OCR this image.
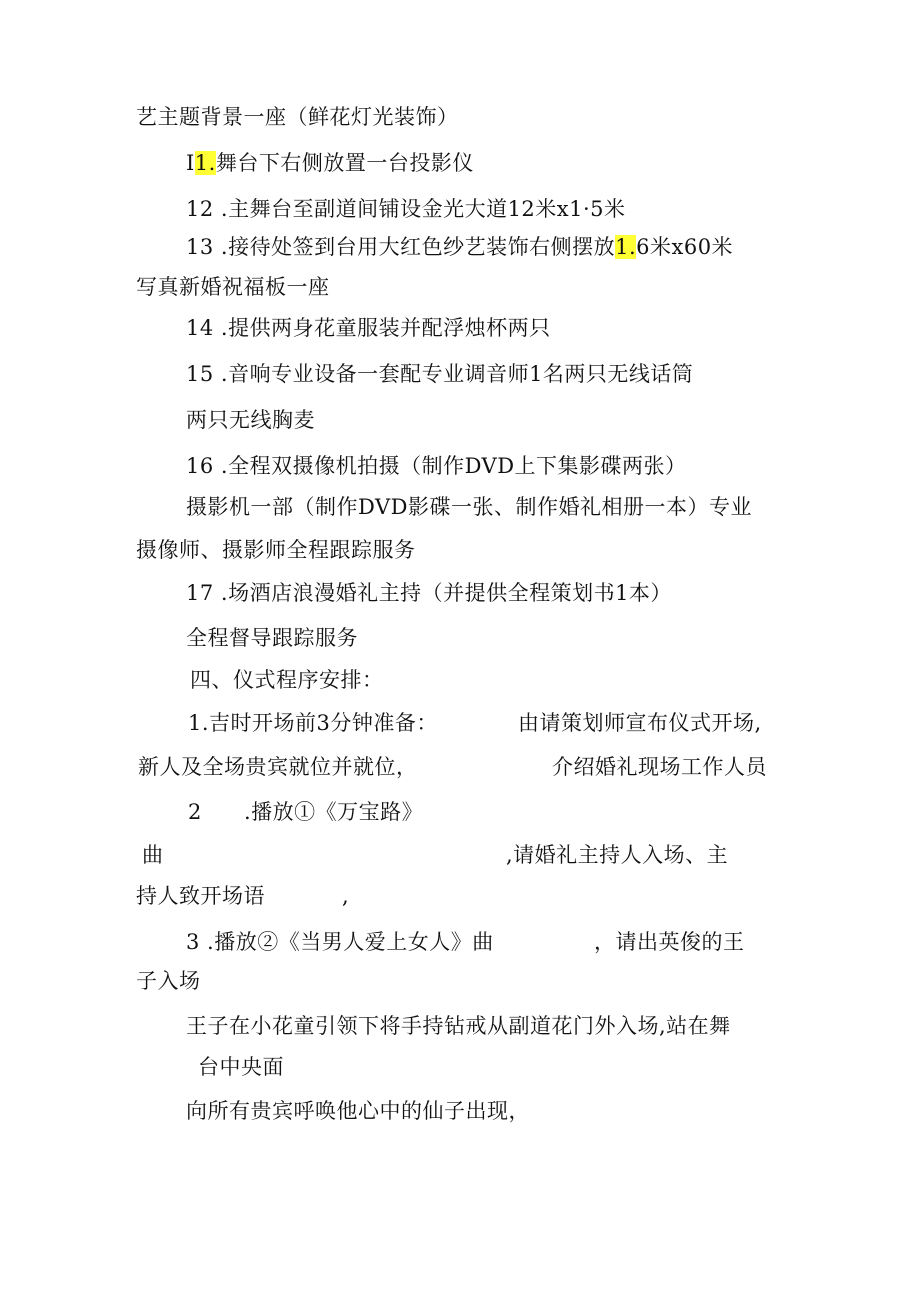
艺主题背景一座（鲜花灯光装饰）
I1.舞台下右侧放置一台投影仪
12 .主舞台至副道间铺设金光大道12米x1·5米
13 .接待处签到台用大红色纱艺装饰右侧摆放1.6米x60米
写真新婚祝福板一座
14 .提供两身花童服装并配浮烛杯两只
15 .音响专业设备一套配专业调音师1名两只无线话筒
两只无线胸麦
16 .全程双摄像机拍摄（制作DVD上下集影碟两张）
摄影机一部（制作DVD影碟一张、制作婚礼相册一本）专业
摄像师、摄影师全程跟踪服务
17 .场酒店浪漫婚礼主持（并提供全程策划书1本）
全程督导跟踪服务
四、仪式程序安排：
1.吉时开场前3分钟准备：	由请策划师宣布仪式开场,
新人及全场贵宾就位并就位，	介绍婚礼现场工作人员
2 .播放①《万宝路》
曲	,请婚礼主持人入场、主
持人致开场语	,
3 .播放②《当男人爱上女人》曲	，请出英俊的王
子入场
王子在小花童引领下将手持钻戒从副道花门外入场,站在舞
台中央面
向所有贵宾呼唤他心中的仙子出现，
